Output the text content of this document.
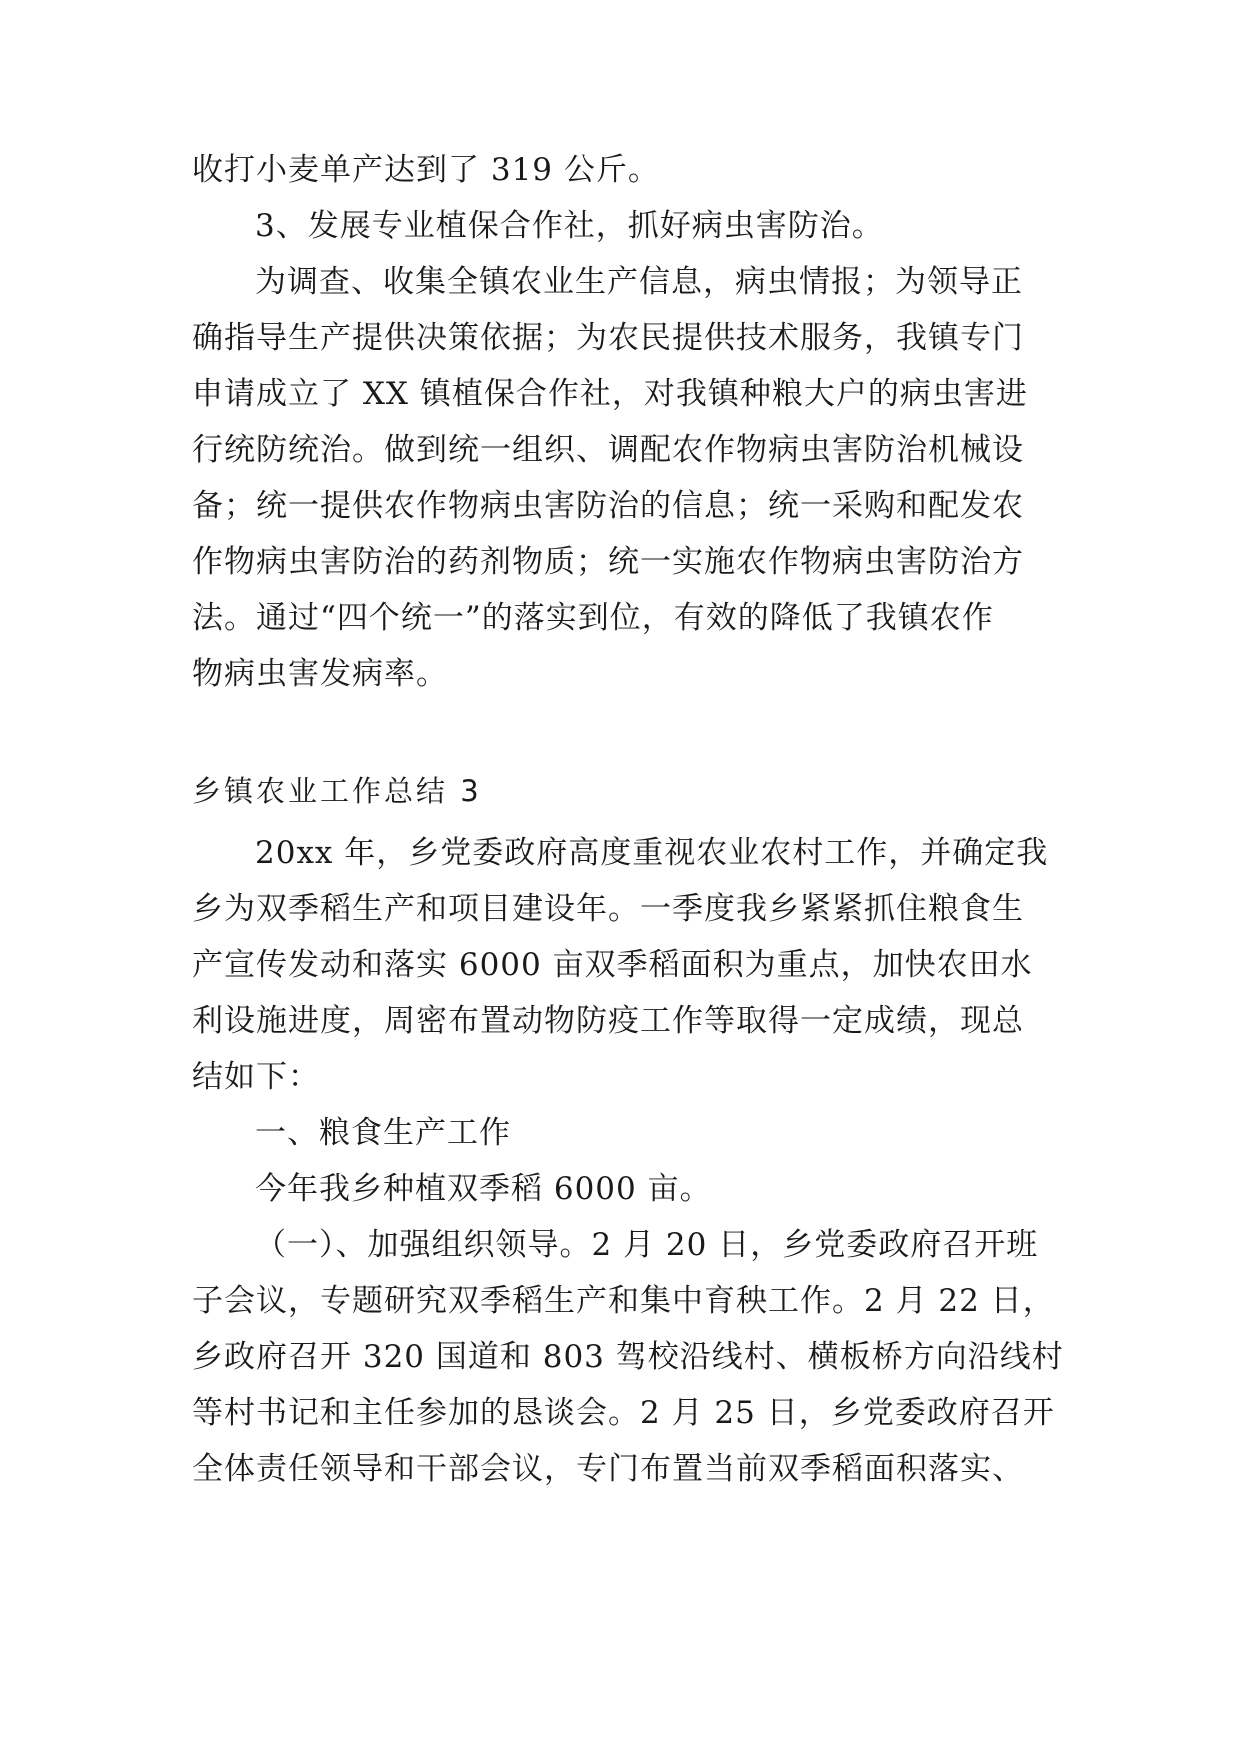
收打小麦单产达到了 319 公斤。
3、发展专业植保合作社，抓好病虫害防治。
为调查、收集全镇农业生产信息，病虫情报；为领导正
确指导生产提供决策依据；为农民提供技术服务，我镇专门
申请成立了 XX 镇植保合作社，对我镇种粮大户的病虫害进
行统防统治。做到统一组织、调配农作物病虫害防治机械设
备；统一提供农作物病虫害防治的信息；统一采购和配发农
作物病虫害防治的药剂物质；统一实施农作物病虫害防治方
法。通过“四个统一”的落实到位，有效的降低了我镇农作
物病虫害发病率。
乡镇农业工作总结 3
20xx 年，乡党委政府高度重视农业农村工作，并确定我
乡为双季稻生产和项目建设年。一季度我乡紧紧抓住粮食生
产宣传发动和落实 6000 亩双季稻面积为重点，加快农田水
利设施进度，周密布置动物防疫工作等取得一定成绩，现总
结如下：
一、粮食生产工作
今年我乡种植双季稻 6000 亩。
（一）、加强组织领导。2 月 20 日，乡党委政府召开班
子会议，专题研究双季稻生产和集中育秧工作。2 月 22 日，
乡政府召开 320 国道和 803 驾校沿线村、横板桥方向沿线村
等村书记和主任参加的恳谈会。2 月 25 日，乡党委政府召开
全体责任领导和干部会议，专门布置当前双季稻面积落实、
